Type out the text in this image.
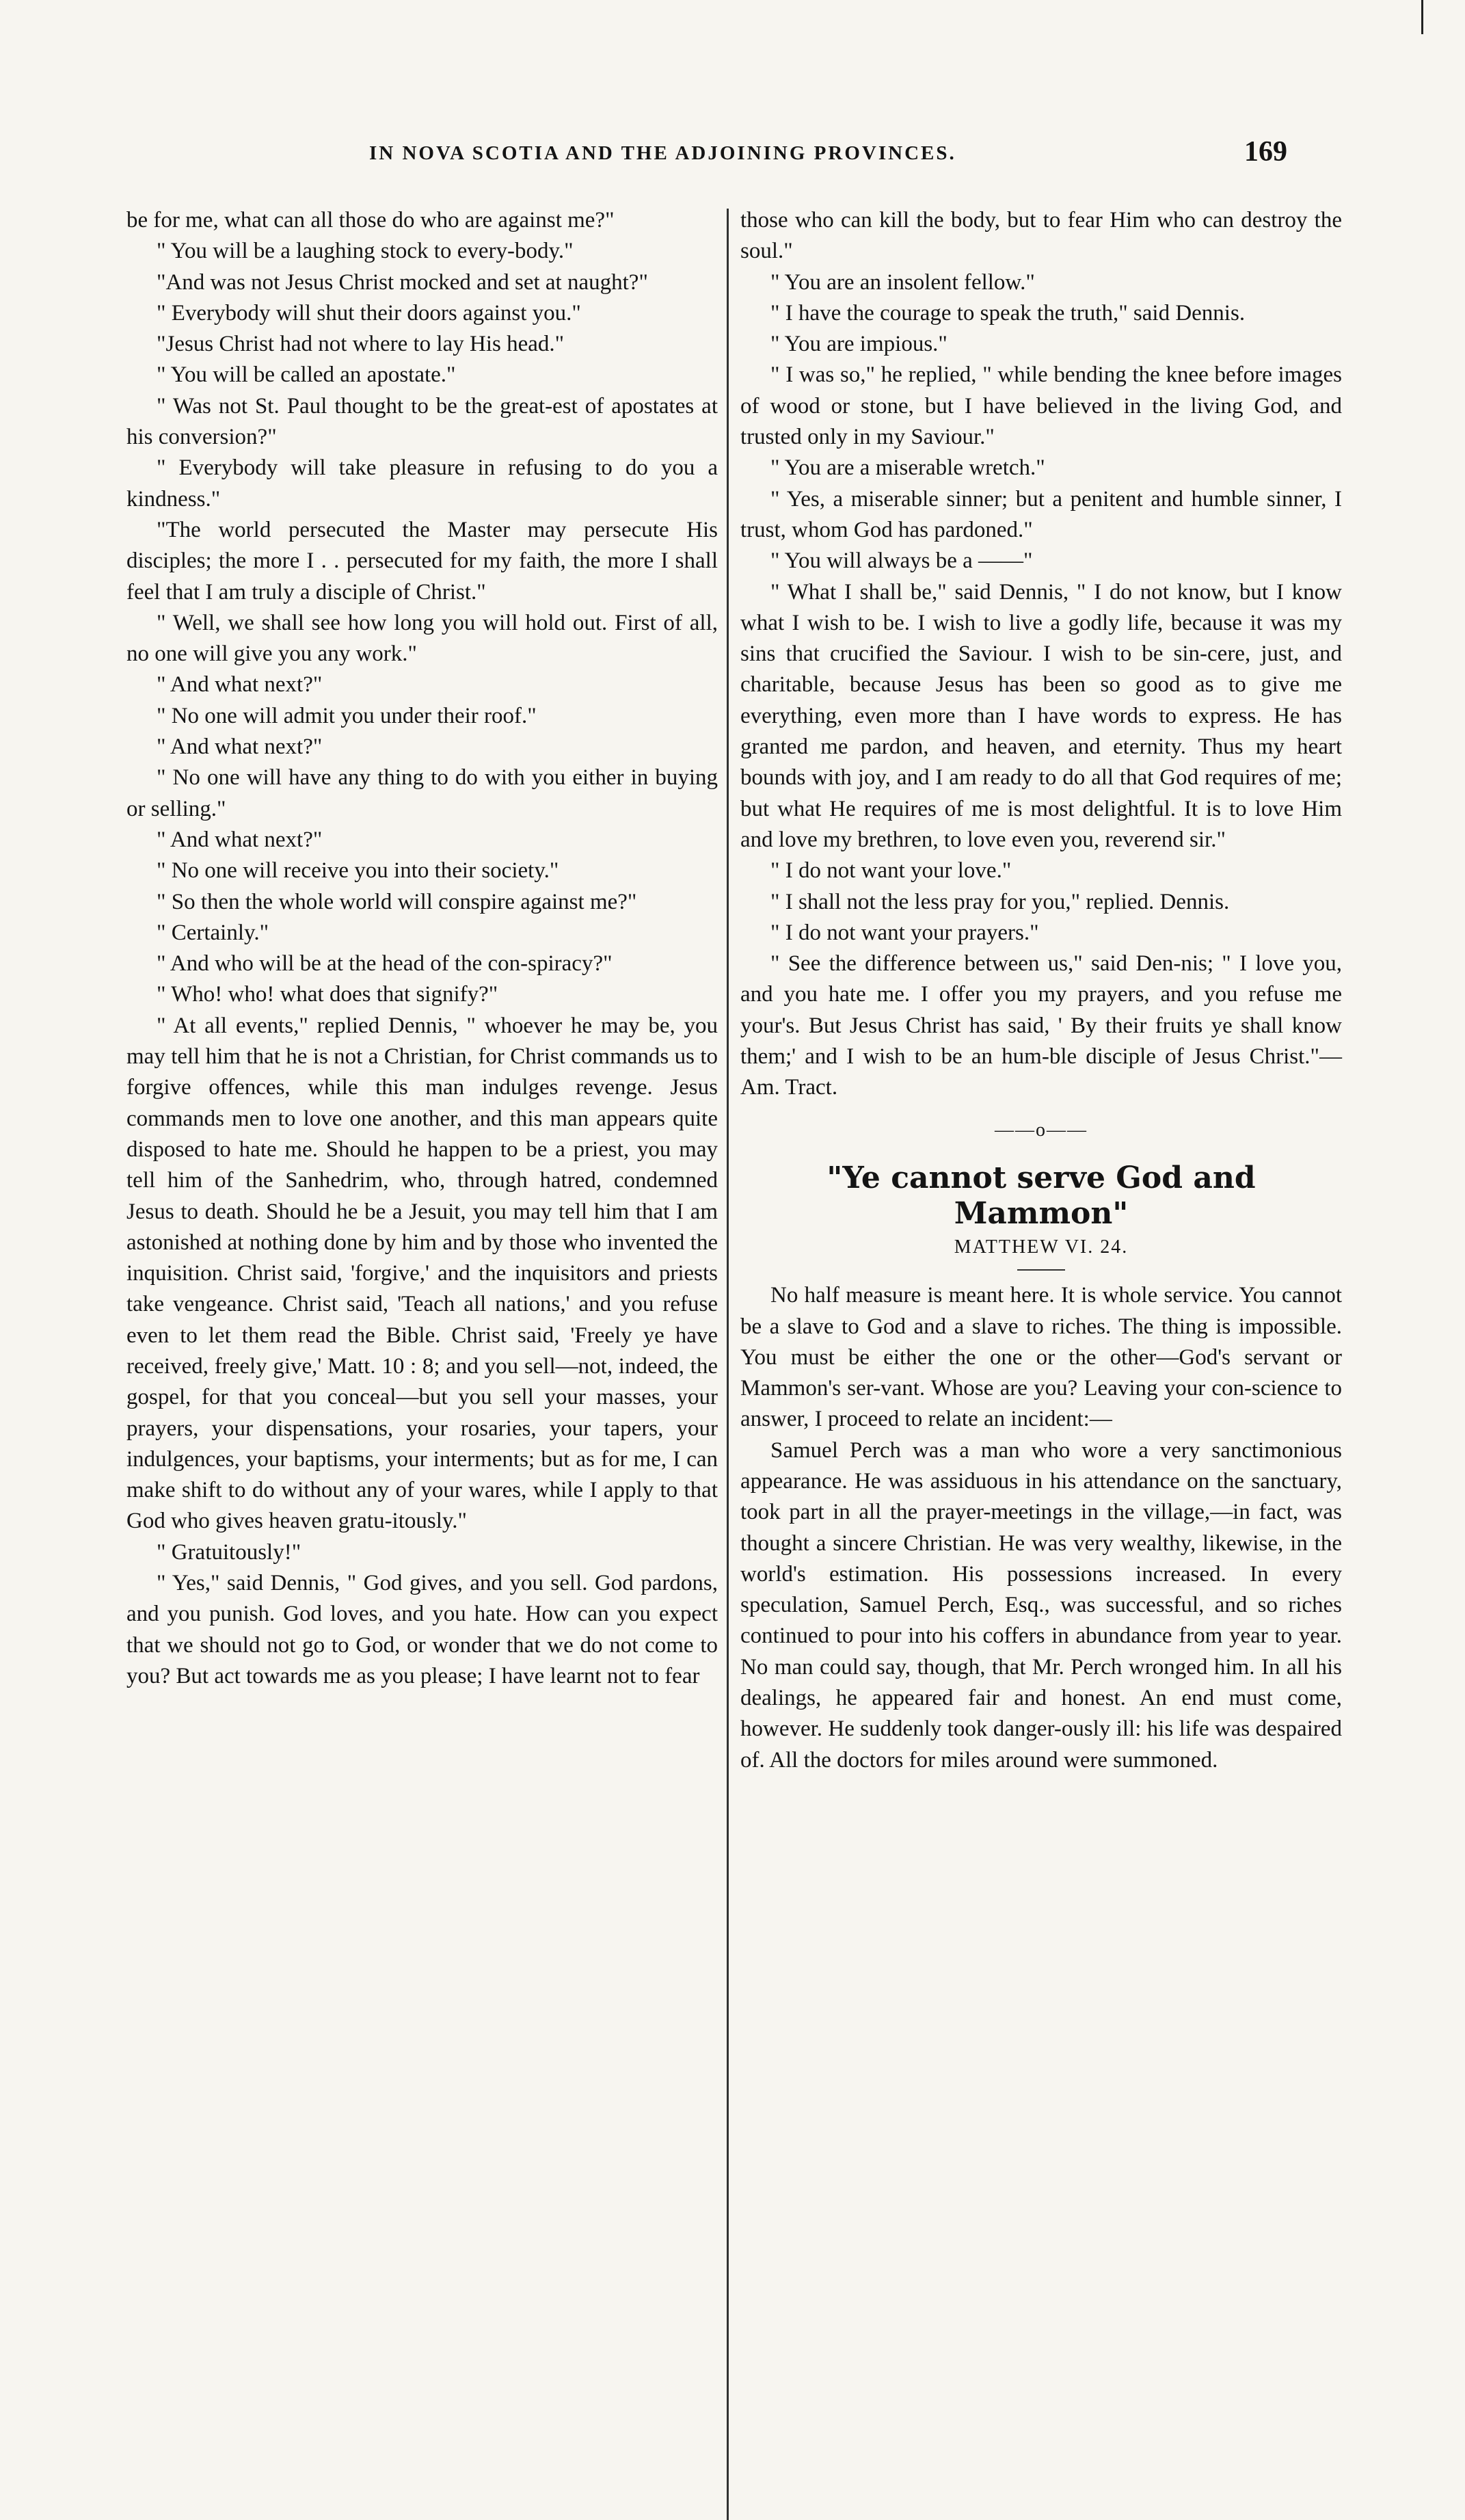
IN NOVA SCOTIA AND THE ADJOINING PROVINCES.	169

be for me, what can all those do who are against me?"

" You will be a laughing stock to every-body."

"And was not Jesus Christ mocked and set at naught?"

" Everybody will shut their doors against you."

"Jesus Christ had not where to lay His head."

" You will be called an apostate."

" Was not St. Paul thought to be the great-est of apostates at his conversion?"

" Everybody will take pleasure in refusing to do you a kindness."

"The world persecuted the Master may persecute His disciples; the more I . . persecuted for my faith, the more I shall feel that I am truly a disciple of Christ."

" Well, we shall see how long you will hold out. First of all, no one will give you any work."

" And what next?"

" No one will admit you under their roof."

" And what next?"

" No one will have any thing to do with you either in buying or selling."

" And what next?"

" No one will receive you into their society."

" So then the whole world will conspire against me?"

" Certainly."

" And who will be at the head of the con-spiracy?"

" Who! who! what does that signify?"

" At all events," replied Dennis, " whoever he may be, you may tell him that he is not a Christian, for Christ commands us to forgive offences, while this man indulges revenge. Jesus commands men to love one another, and this man appears quite disposed to hate me. Should he happen to be a priest, you may tell him of the Sanhedrim, who, through hatred, condemned Jesus to death. Should he be a Jesuit, you may tell him that I am astonished at nothing done by him and by those who invented the inquisition. Christ said, 'forgive,' and the inquisitors and priests take vengeance. Christ said, 'Teach all nations,' and you refuse even to let them read the Bible. Christ said, 'Freely ye have received, freely give,' Matt. 10 : 8; and you sell—not, indeed, the gospel, for that you conceal—but you sell your masses, your prayers, your dispensations, your rosaries, your tapers, your indulgences, your baptisms, your interments; but as for me, I can make shift to do without any of your wares, while I apply to that God who gives heaven gratu-itously."

" Gratuitously!"

" Yes," said Dennis, " God gives, and you sell. God pardons, and you punish. God loves, and you hate. How can you expect that we should not go to God, or wonder that we do not come to you? But act towards me as you please; I have learnt not to fear

those who can kill the body, but to fear Him who can destroy the soul."

" You are an insolent fellow."

" I have the courage to speak the truth," said Dennis.

" You are impious."

" I was so," he replied, " while bending the knee before images of wood or stone, but I have believed in the living God, and trusted only in my Saviour."

" You are a miserable wretch."

" Yes, a miserable sinner; but a penitent and humble sinner, I trust, whom God has pardoned."

" You will always be a ——"

" What I shall be," said Dennis, " I do not know, but I know what I wish to be. I wish to live a godly life, because it was my sins that crucified the Saviour. I wish to be sin-cere, just, and charitable, because Jesus has been so good as to give me everything, even more than I have words to express. He has granted me pardon, and heaven, and eternity. Thus my heart bounds with joy, and I am ready to do all that God requires of me; but what He requires of me is most delightful. It is to love Him and love my brethren, to love even you, reverend sir."

" I do not want your love."

" I shall not the less pray for you," replied. Dennis.

" I do not want your prayers."

" See the difference between us," said Den-nis; " I love you, and you hate me. I offer you my prayers, and you refuse me your's. But Jesus Christ has said, ' By their fruits ye shall know them;' and I wish to be an hum-ble disciple of Jesus Christ."—Am. Tract.

——o——
"Ye cannot serve God and Mammon"
MATTHEW VI. 24.

No half measure is meant here. It is whole service. You cannot be a slave to God and a slave to riches. The thing is impossible. You must be either the one or the other—God's servant or Mammon's ser-vant. Whose are you? Leaving your con-science to answer, I proceed to relate an incident:—

Samuel Perch was a man who wore a very sanctimonious appearance. He was assiduous in his attendance on the sanctuary, took part in all the prayer-meetings in the village,—in fact, was thought a sincere Christian. He was very wealthy, likewise, in the world's estimation. His possessions increased. In every speculation, Samuel Perch, Esq., was successful, and so riches continued to pour into his coffers in abundance from year to year. No man could say, though, that Mr. Perch wronged him. In all his dealings, he appeared fair and honest. An end must come, however. He suddenly took danger-ously ill: his life was despaired of. All the doctors for miles around were summoned.
